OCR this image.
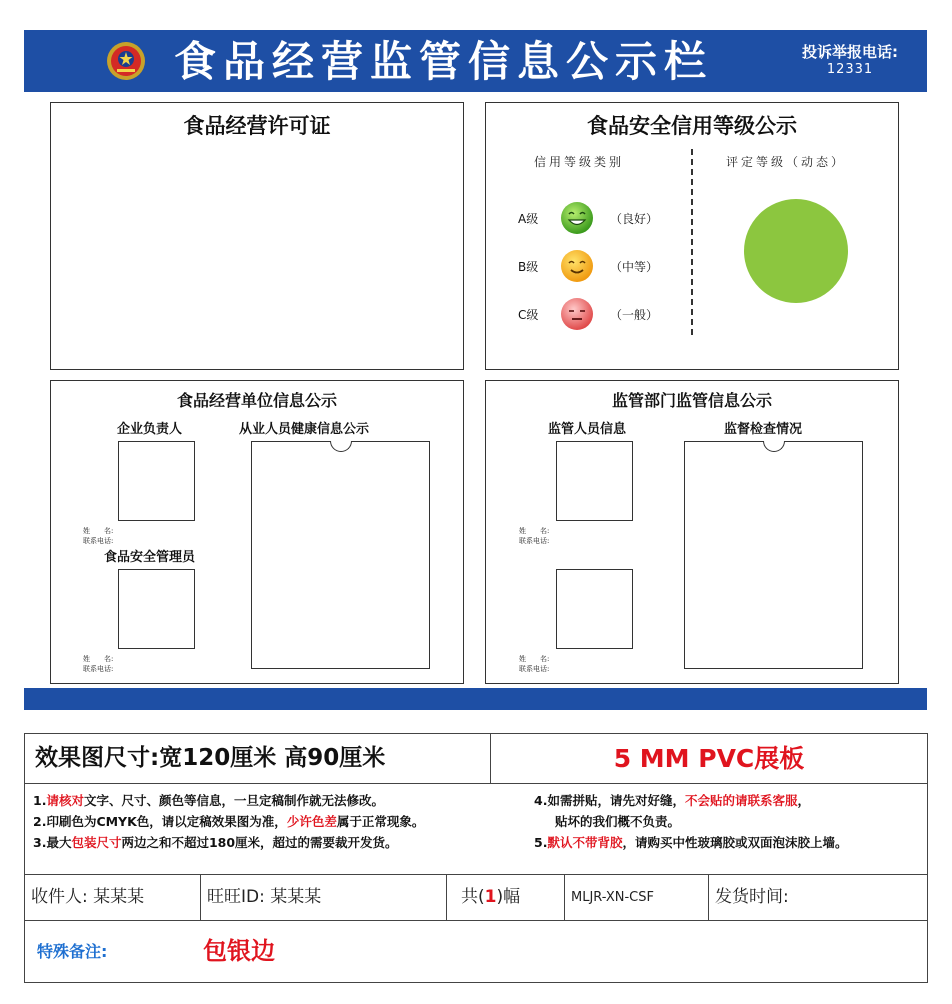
食品经营监管信息公示栏	投诉举报电话:
12331
食品经营许可证	食品安全信用等级公示
信用等级类别	评定等级（动态）
A级	（良好）
B级	（中等）
C级	（一般）
食品经营单位信息公示
企业负责人
姓　　名:
联系电话:
食品安全管理员
姓　　名:
联系电话:
从业人员健康信息公示
监管部门监管信息公示
监管人员信息
姓　　名:
联系电话:
姓　　名:
联系电话:
监督检查情况
效果图尺寸:宽120厘米 高90厘米	5 MM PVC展板
1.请核对文字、尺寸、颜色等信息，一旦定稿制作就无法修改。
2.印刷色为CMYK色，请以定稿效果图为准，少许色差属于正常现象。
3.最大包装尺寸两边之和不超过180厘米，超过的需要裁开发货。
4.如需拼贴，请先对好缝，不会贴的请联系客服，
贴坏的我们概不负责。
5.默认不带背胶，请购买中性玻璃胶或双面泡沫胶上墙。
收件人: 某某某	旺旺ID: 某某某	共(1)幅	MLJR-XN-CSF	发货时间:
特殊备注:	包银边
